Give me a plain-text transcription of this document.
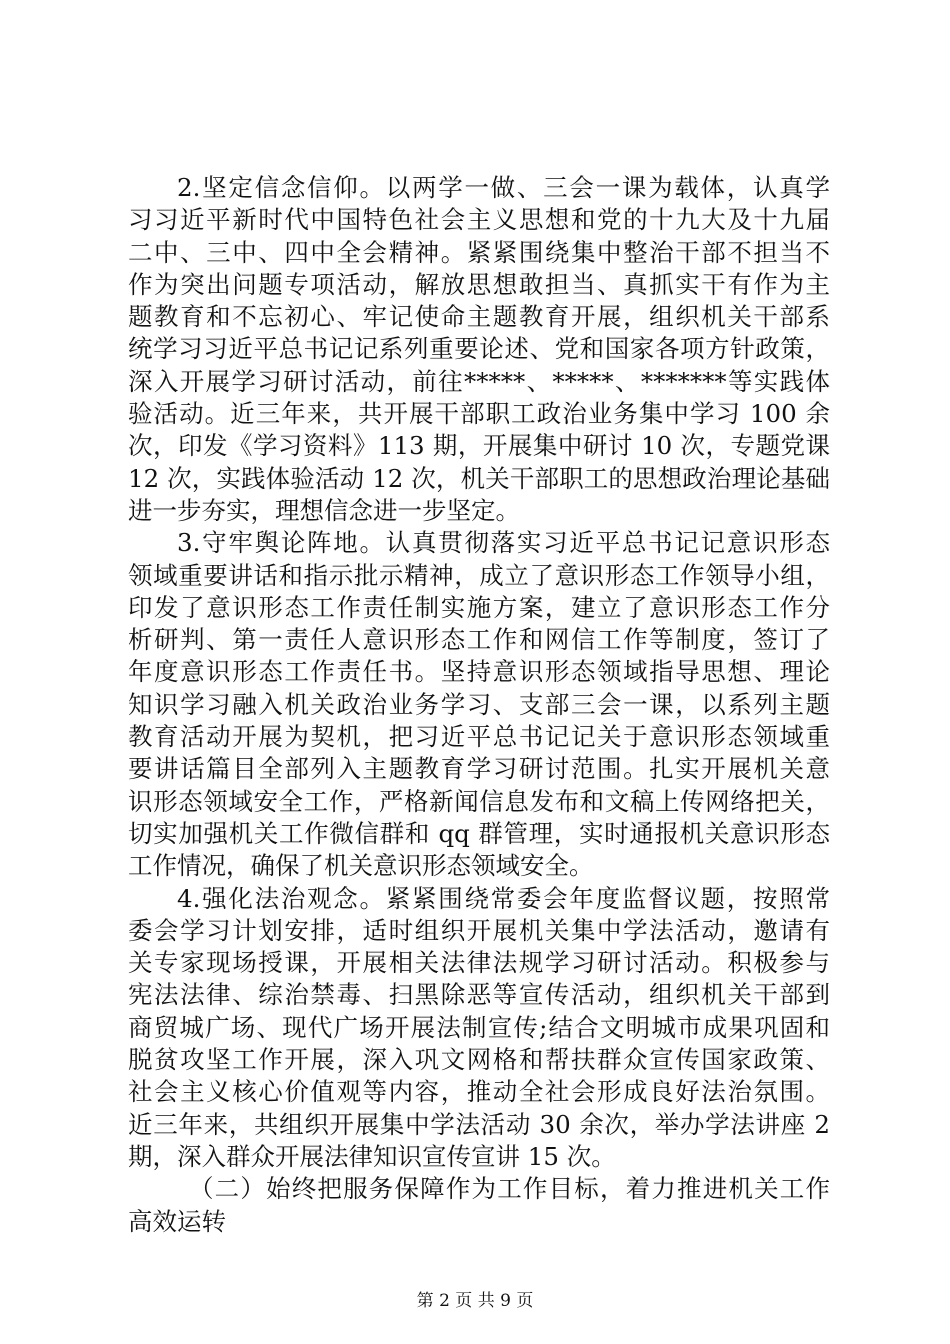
2.坚定信念信仰。以两学一做、三会一课为载体，认真学
习习近平新时代中国特色社会主义思想和党的十九大及十九届
二中、三中、四中全会精神。紧紧围绕集中整治干部不担当不
作为突出问题专项活动，解放思想敢担当、真抓实干有作为主
题教育和不忘初心、牢记使命主题教育开展，组织机关干部系
统学习习近平总书记记系列重要论述、党和国家各项方针政策，
深入开展学习研讨活动，前往*****、*****、*******等实践体
验活动。近三年来，共开展干部职工政治业务集中学习 100 余
次，印发《学习资料》113 期，开展集中研讨 10 次，专题党课
12 次，实践体验活动 12 次，机关干部职工的思想政治理论基础
进一步夯实，理想信念进一步坚定。
3.守牢舆论阵地。认真贯彻落实习近平总书记记意识形态
领域重要讲话和指示批示精神，成立了意识形态工作领导小组，
印发了意识形态工作责任制实施方案，建立了意识形态工作分
析研判、第一责任人意识形态工作和网信工作等制度，签订了
年度意识形态工作责任书。坚持意识形态领域指导思想、理论
知识学习融入机关政治业务学习、支部三会一课，以系列主题
教育活动开展为契机，把习近平总书记记关于意识形态领域重
要讲话篇目全部列入主题教育学习研讨范围。扎实开展机关意
识形态领域安全工作，严格新闻信息发布和文稿上传网络把关，
切实加强机关工作微信群和 qq 群管理，实时通报机关意识形态
工作情况，确保了机关意识形态领域安全。
4.强化法治观念。紧紧围绕常委会年度监督议题，按照常
委会学习计划安排，适时组织开展机关集中学法活动，邀请有
关专家现场授课，开展相关法律法规学习研讨活动。积极参与
宪法法律、综治禁毒、扫黑除恶等宣传活动，组织机关干部到
商贸城广场、现代广场开展法制宣传;结合文明城市成果巩固和
脱贫攻坚工作开展，深入巩文网格和帮扶群众宣传国家政策、
社会主义核心价值观等内容，推动全社会形成良好法治氛围。
近三年来，共组织开展集中学法活动 30 余次，举办学法讲座 2
期，深入群众开展法律知识宣传宣讲 15 次。
（二）始终把服务保障作为工作目标，着力推进机关工作
高效运转
第 2 页 共 9 页
